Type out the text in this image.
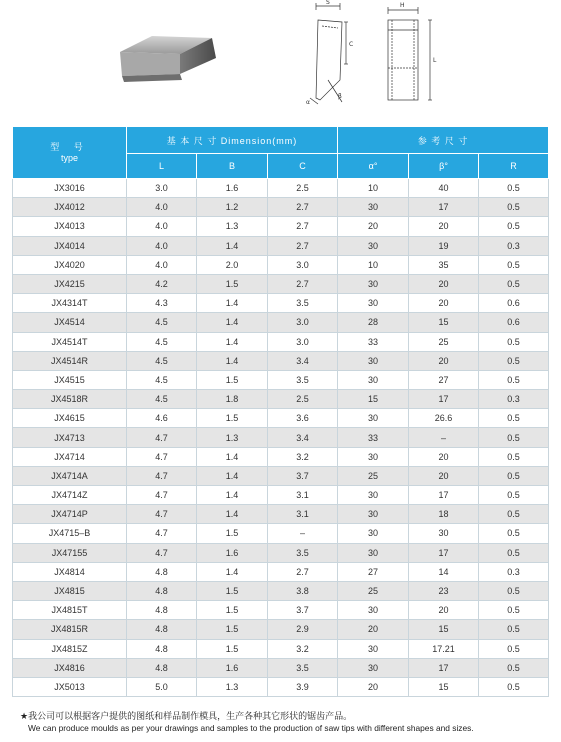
S
C
β
α
H
L
型 号
type	基 本 尺 寸 Dimension(mm)			参 考 尺 寸		
	L	B	C	α°	β°	R
JX3016	3.0	1.6	2.5	10	40	0.5
JX4012	4.0	1.2	2.7	30	17	0.5
JX4013	4.0	1.3	2.7	20	20	0.5
JX4014	4.0	1.4	2.7	30	19	0.3
JX4020	4.0	2.0	3.0	10	35	0.5
JX4215	4.2	1.5	2.7	30	20	0.5
JX4314T	4.3	1.4	3.5	30	20	0.6
JX4514	4.5	1.4	3.0	28	15	0.6
JX4514T	4.5	1.4	3.0	33	25	0.5
JX4514R	4.5	1.4	3.4	30	20	0.5
JX4515	4.5	1.5	3.5	30	27	0.5
JX4518R	4.5	1.8	2.5	15	17	0.3
JX4615	4.6	1.5	3.6	30	26.6	0.5
JX4713	4.7	1.3	3.4	33	–	0.5
JX4714	4.7	1.4	3.2	30	20	0.5
JX4714A	4.7	1.4	3.7	25	20	0.5
JX4714Z	4.7	1.4	3.1	30	17	0.5
JX4714P	4.7	1.4	3.1	30	18	0.5
JX4715–B	4.7	1.5	–	30	30	0.5
JX47155	4.7	1.6	3.5	30	17	0.5
JX4814	4.8	1.4	2.7	27	14	0.3
JX4815	4.8	1.5	3.8	25	23	0.5
JX4815T	4.8	1.5	3.7	30	20	0.5
JX4815R	4.8	1.5	2.9	20	15	0.5
JX4815Z	4.8	1.5	3.2	30	17.21	0.5
JX4816	4.8	1.6	3.5	30	17	0.5
JX5013	5.0	1.3	3.9	20	15	0.5
★我公司可以根据客户提供的图纸和样品制作模具，生产各种其它形状的锯齿产品。
We can produce moulds as per your drawings and samples to the production of saw tips with different shapes and sizes.
